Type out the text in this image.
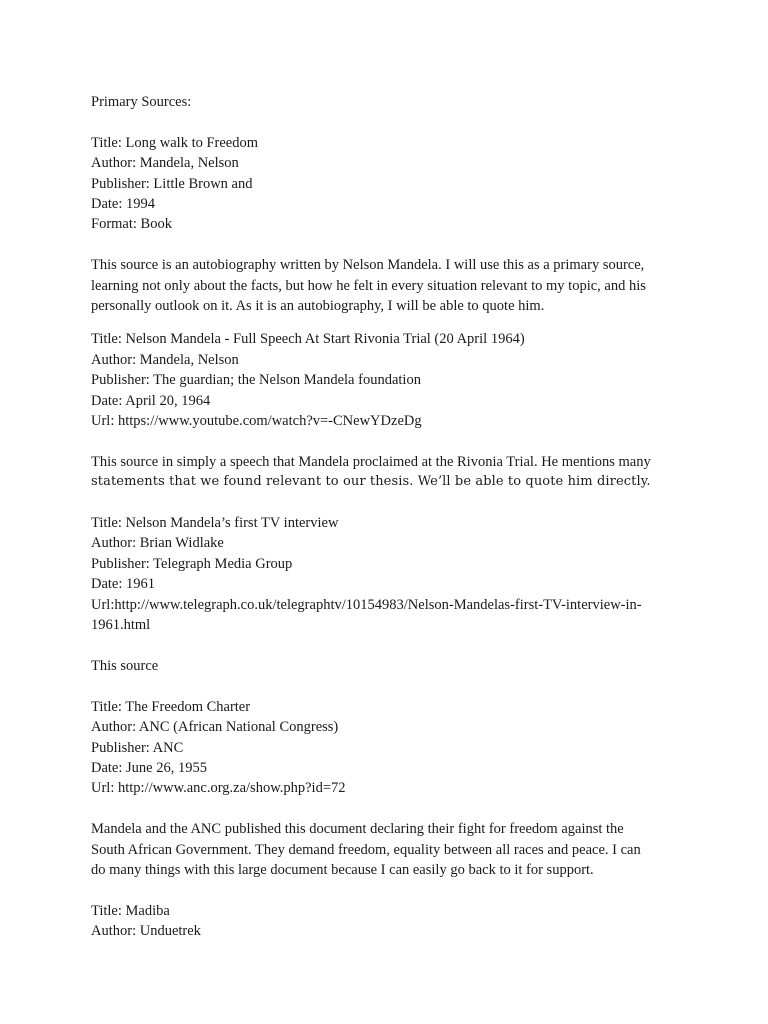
Primary Sources:
Title: Long walk to Freedom
Author: Mandela, Nelson
Publisher: Little Brown and
Date: 1994
Format: Book
This source is an autobiography written by Nelson Mandela. I will use this as a primary source,
learning not only about the facts, but how he felt in every situation relevant to my topic, and his
personally outlook on it. As it is an autobiography, I will be able to quote him.
Title: Nelson Mandela - Full Speech At Start Rivonia Trial (20 April 1964)
Author: Mandela, Nelson
Publisher: The guardian; the Nelson Mandela foundation
Date: April 20, 1964
Url: https://www.youtube.com/watch?v=-CNewYDzeDg
This source in simply a speech that Mandela proclaimed at the Rivonia Trial. He mentions many
statements that we found relevant to our thesis. We’ll be able to quote him directly.
Title: Nelson Mandela’s first TV interview
Author: Brian Widlake
Publisher: Telegraph Media Group
Date: 1961
Url:http://www.telegraph.co.uk/telegraphtv/10154983/Nelson-Mandelas-first-TV-interview-in-
1961.html
This source
Title: The Freedom Charter
Author: ANC (African National Congress)
Publisher: ANC
Date: June 26, 1955
Url: http://www.anc.org.za/show.php?id=72
Mandela and the ANC published this document declaring their fight for freedom against the
South African Government. They demand freedom, equality between all races and peace. I can
do many things with this large document because I can easily go back to it for support.
Title: Madiba
Author: Unduetrek
